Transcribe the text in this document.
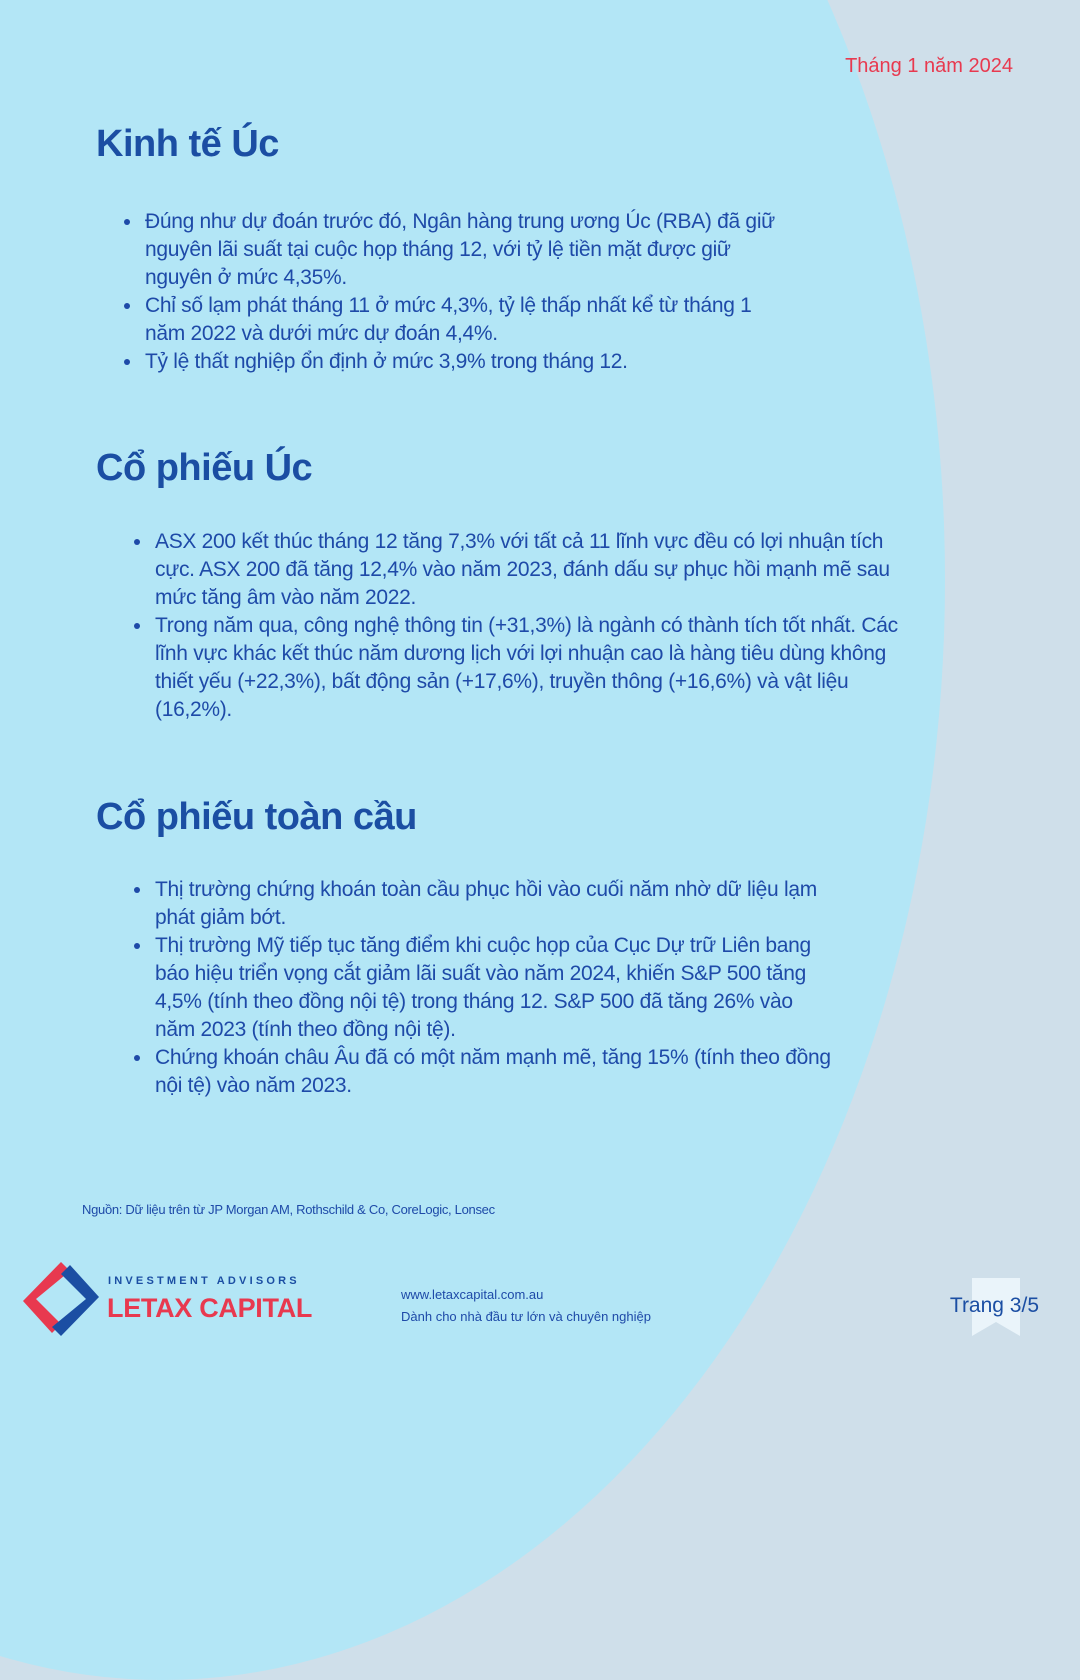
Tháng 1 năm 2024
Kinh tế Úc
Đúng như dự đoán trước đó, Ngân hàng trung ương Úc (RBA) đã giữ nguyên lãi suất tại cuộc họp tháng 12, với tỷ lệ tiền mặt được giữ nguyên ở mức 4,35%.
Chỉ số lạm phát tháng 11 ở mức 4,3%, tỷ lệ thấp nhất kể từ tháng 1 năm 2022 và dưới mức dự đoán 4,4%.
Tỷ lệ thất nghiệp ổn định ở mức 3,9% trong tháng 12.
Cổ phiếu Úc
ASX 200 kết thúc tháng 12 tăng 7,3% với tất cả 11 lĩnh vực đều có lợi nhuận tích cực. ASX 200 đã tăng 12,4% vào năm 2023, đánh dấu sự phục hồi mạnh mẽ sau mức tăng âm vào năm 2022.
Trong năm qua, công nghệ thông tin (+31,3%) là ngành có thành tích tốt nhất. Các lĩnh vực khác kết thúc năm dương lịch với lợi nhuận cao là hàng tiêu dùng không thiết yếu (+22,3%), bất động sản (+17,6%), truyền thông (+16,6%) và vật liệu (16,2%).
Cổ phiếu toàn cầu
Thị trường chứng khoán toàn cầu phục hồi vào cuối năm nhờ dữ liệu lạm phát giảm bớt.
Thị trường Mỹ tiếp tục tăng điểm khi cuộc họp của Cục Dự trữ Liên bang báo hiệu triển vọng cắt giảm lãi suất vào năm 2024, khiến S&P 500 tăng 4,5% (tính theo đồng nội tệ) trong tháng 12. S&P 500 đã tăng 26% vào năm 2023 (tính theo đồng nội tệ).
Chứng khoán châu Âu đã có một năm mạnh mẽ, tăng 15% (tính theo đồng nội tệ) vào năm 2023.
Nguồn: Dữ liệu trên từ JP Morgan AM, Rothschild & Co, CoreLogic, Lonsec
INVESTMENT ADVISORS
LETAX CAPITAL	www.letaxcapital.com.au
Dành cho nhà đầu tư lớn và chuyên nghiệp	Trang 3/5
